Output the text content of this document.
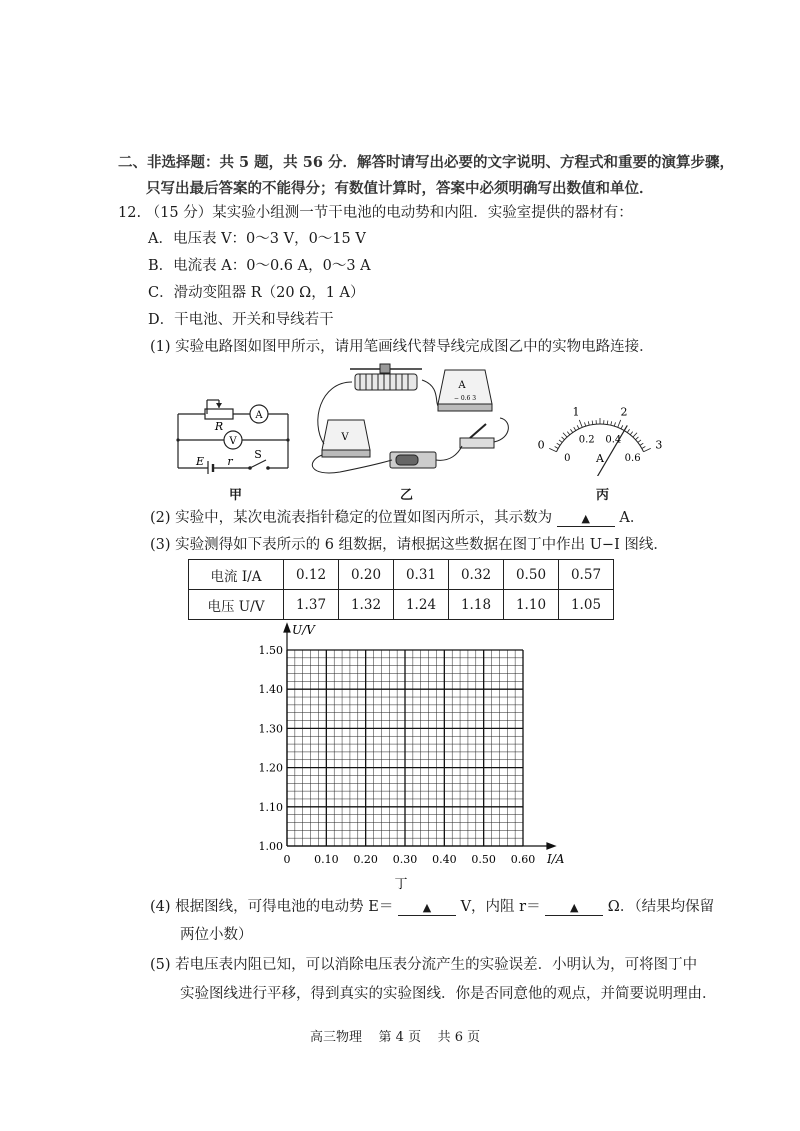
二、非选择题：共 5 题，共 56 分．解答时请写出必要的文字说明、方程式和重要的演算步骤，
只写出最后答案的不能得分；有数值计算时，答案中必须明确写出数值和单位．
12. （15 分）某实验小组测一节干电池的电动势和内阻．实验室提供的器材有：
A．电压表 V：0～3 V，0～15 V
B．电流表 A：0～0.6 A，0～3 A
C．滑动变阻器 R（20 Ω，1 A）
D．干电池、开关和导线若干
(1) 实验电路图如图甲所示，请用笔画线代替导线完成图乙中的实物电路连接．
R
A
V
E r
S
甲
A
− 0.6 3
V
乙
0
1	2
3
0
0.2 0.4
0.6
A
丙
(2) 实验中，某次电流表指针稳定的位置如图丙所示，其示数为	▲ A．
(3) 实验测得如下表所示的 6 组数据，请根据这些数据在图丁中作出 U−I 图线．
电流 I/A	0.12	0.20	0.31	0.32	0.50	0.57
电压 U/V	1.37	1.32	1.24	1.18	1.10	1.05
0 0.10 0.20 0.30 0.40 0.50 0.60
1.00
1.10
1.20
1.30
1.40
1.50
U/V
I/A
丁
(4) 根据图线，可得电池的电动势 E＝	▲ V，内阻 r＝	▲ Ω．（结果均保留
两位小数）
(5) 若电压表内阻已知，可以消除电压表分流产生的实验误差．小明认为，可将图丁中
实验图线进行平移，得到真实的实验图线．你是否同意他的观点，并简要说明理由．
高三物理 第 4 页 共 6 页
